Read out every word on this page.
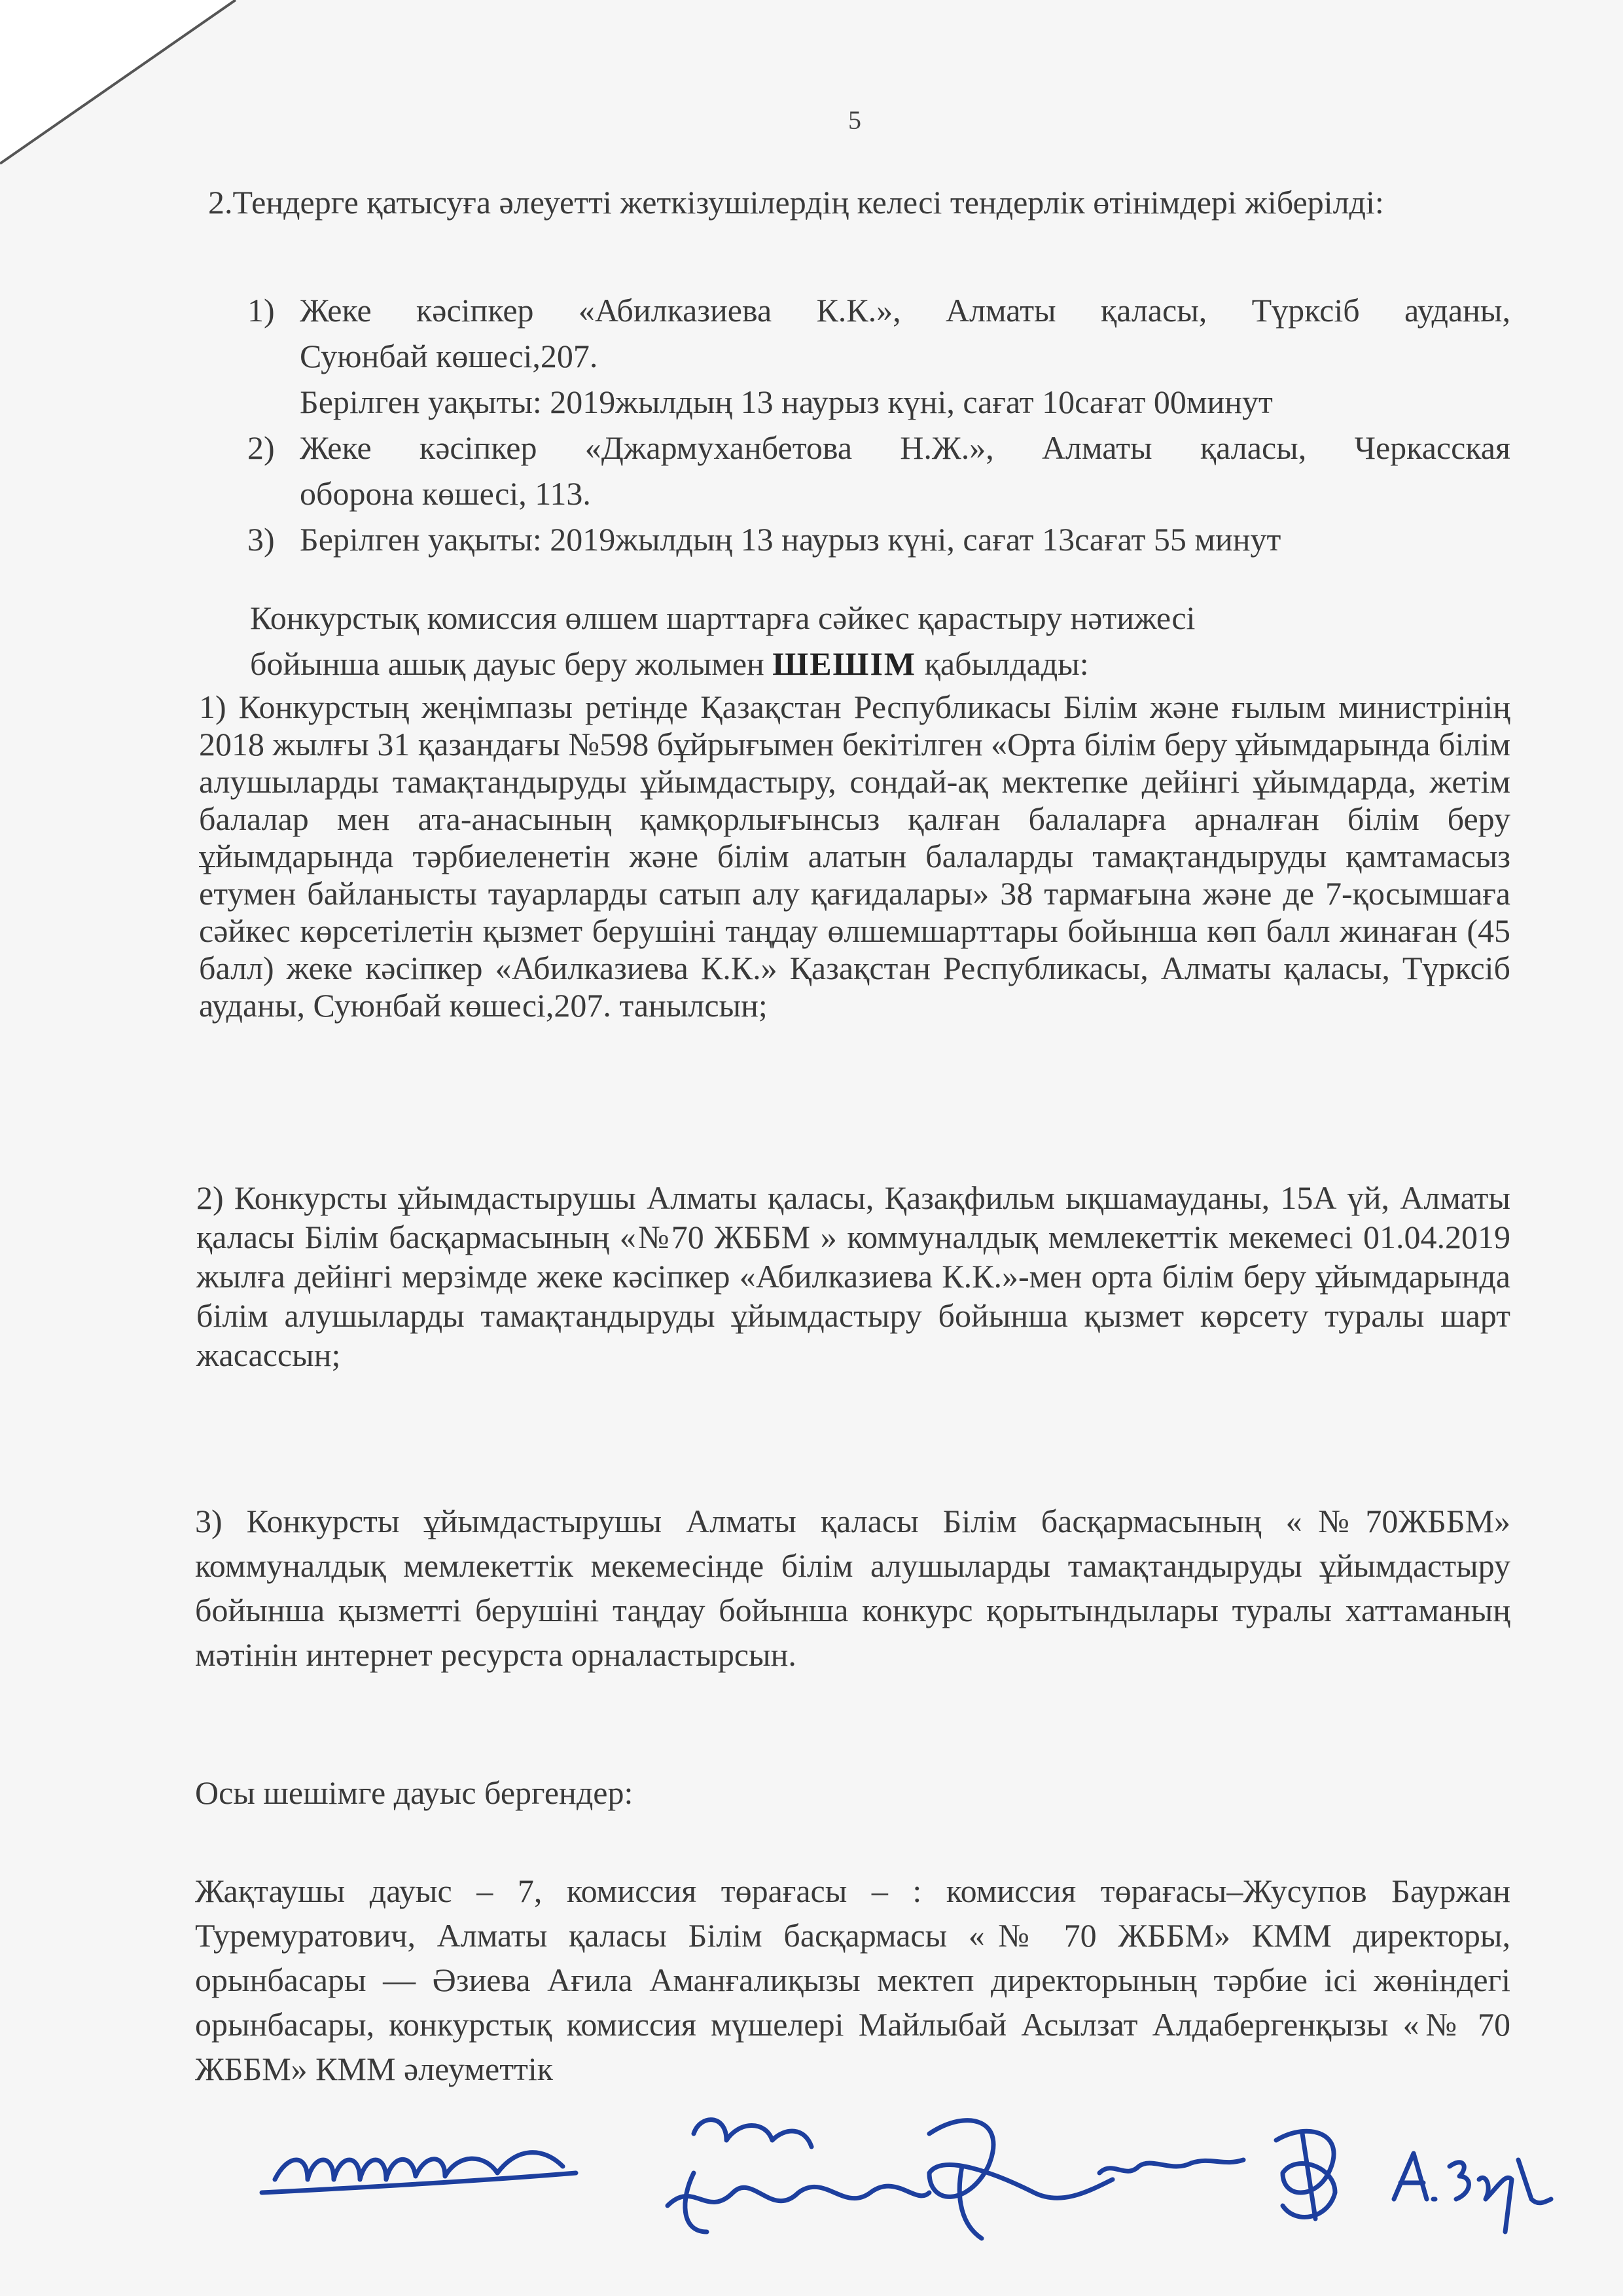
5
2.Тендерге қатысуға әлеуетті жеткізушілердің келесі тендерлік өтінімдері жіберілді:
1) Жеке кәсіпкер «Абилказиева К.К.», Алматы қаласы, Түрксіб ауданы,
Суюнбай көшесі,207.
Берілген уақыты: 2019жылдың 13 наурыз күні, сағат 10сағат 00минут
2) Жеке кәсіпкер «Джармуханбетова Н.Ж.», Алматы қаласы, Черкасская
оборона көшесі, 113.
3) Берілген уақыты: 2019жылдың 13 наурыз күні, сағат 13сағат 55 минут
Конкурстық комиссия өлшем шарттарға сәйкес қарастыру нәтижесі
бойынша ашық дауыс беру жолымен ШЕШІМ қабылдады:
1) Конкурстың жеңімпазы ретінде Қазақстан Республикасы Білім және ғылым министрінің 2018 жылғы 31 қазандағы №598 бұйрығымен бекітілген «Орта білім беру ұйымдарында білім алушыларды тамақтандыруды ұйымдастыру, сондай-ақ мектепке дейінгі ұйымдарда, жетім балалар мен ата-анасының қамқорлығынсыз қалған балаларға арналған білім беру ұйымдарында тәрбиеленетін және білім алатын балаларды тамақтандыруды қамтамасыз етумен байланысты тауарларды сатып алу қағидалары» 38 тармағына және де 7-қосымшаға сәйкес көрсетілетін қызмет берушіні таңдау өлшемшарттары бойынша көп балл жинаған (45 балл) жеке кәсіпкер «Абилказиева К.К.» Қазақстан Республикасы, Алматы қаласы, Түрксіб ауданы, Суюнбай көшесі,207. танылсын;
2) Конкурсты ұйымдастырушы Алматы қаласы, Қазақфильм ықшамауданы, 15А үй, Алматы қаласы Білім басқармасының «№70 ЖББМ » коммуналдық мемлекеттік мекемесі 01.04.2019 жылға дейінгі мерзімде жеке кәсіпкер «Абилказиева К.К.»-мен орта білім беру ұйымдарында білім алушыларды тамақтандыруды ұйымдастыру бойынша қызмет көрсету туралы шарт жасассын;
3) Конкурсты ұйымдастырушы Алматы қаласы Білім басқармасының «№70ЖББМ» коммуналдық мемлекеттік мекемесінде білім алушыларды тамақтандыруды ұйымдастыру бойынша қызметті берушіні таңдау бойынша конкурс қорытындылары туралы хаттаманың мәтінін интернет ресурста орналастырсын.
Осы шешімге дауыс бергендер:
Жақтаушы дауыс – 7, комиссия төрағасы – : комиссия төрағасы–Жусупов Бауржан Туремуратович, Алматы қаласы Білім басқармасы «№ 70 ЖББМ» КММ директоры, орынбасары — Әзиева Ағила Аманғалиқызы мектеп директорының тәрбие ісі жөніндегі орынбасары, конкурстық комиссия мүшелері Майлыбай Асылзат Алдабергенқызы «№ 70 ЖББМ» КММ әлеуметтік
